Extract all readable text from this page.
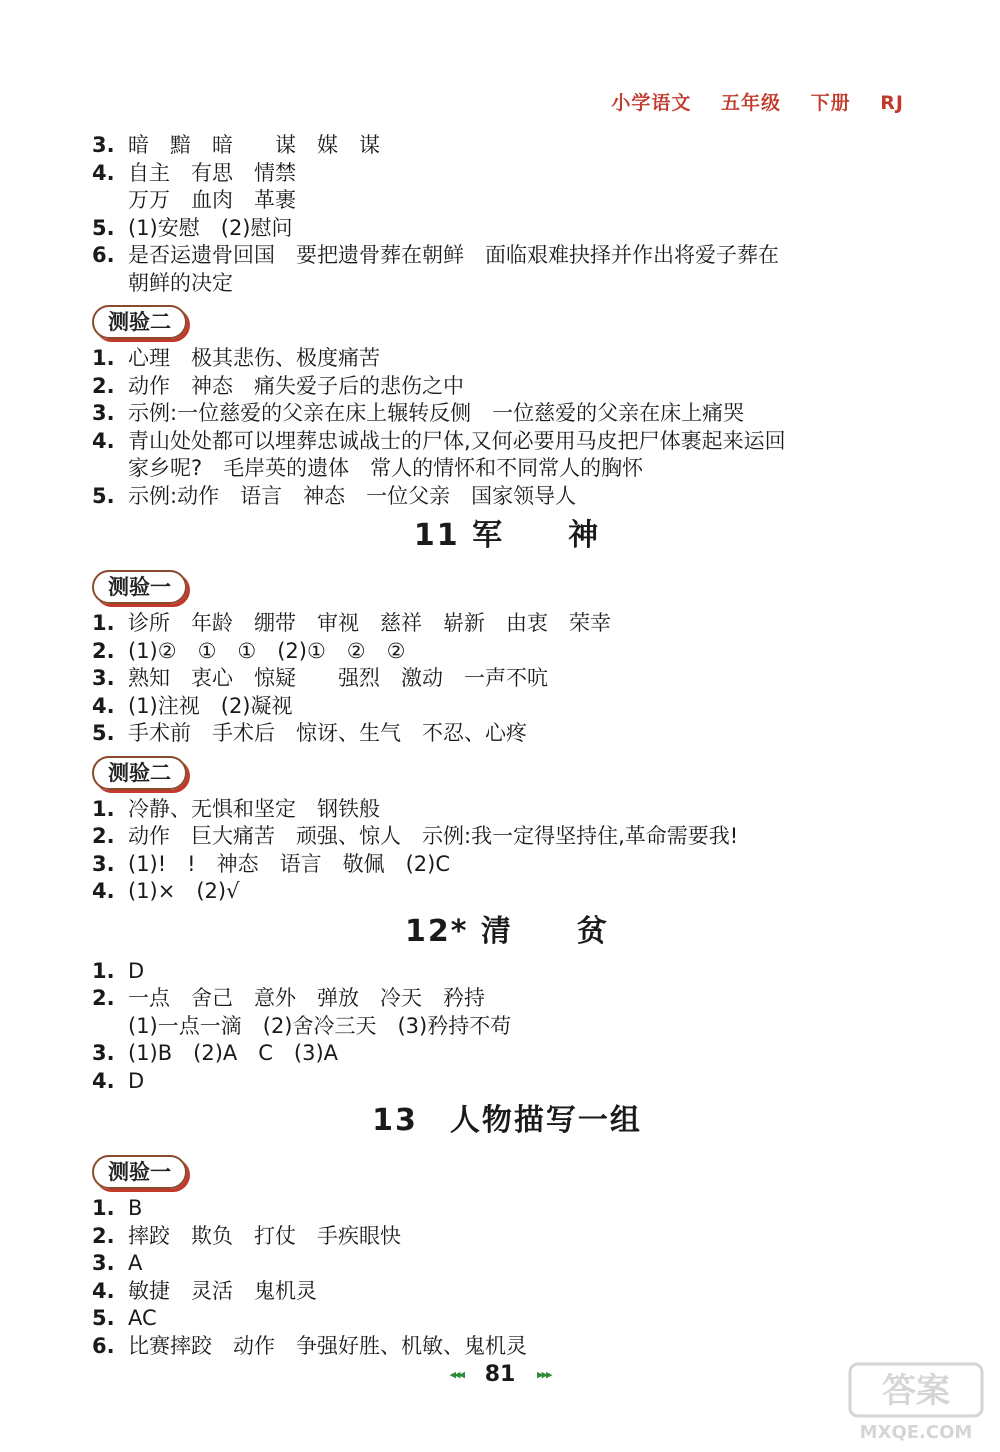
小学语文 五年级 下册 RJ
3. 暗　黯　暗　　谋　媒　谋
4. 自主　有思　情禁
万万　血肉　革裹
5. (1)安慰　(2)慰问
6. 是否运遗骨回国　要把遗骨葬在朝鲜　面临艰难抉择并作出将爱子葬在
朝鲜的决定
测验二
1. 心理　极其悲伤、极度痛苦
2. 动作　神态　痛失爱子后的悲伤之中
3. 示例:一位慈爱的父亲在床上辗转反侧　一位慈爱的父亲在床上痛哭
4. 青山处处都可以埋葬忠诚战士的尸体,又何必要用马皮把尸体裹起来运回
家乡呢?　毛岸英的遗体　常人的情怀和不同常人的胸怀
5. 示例:动作　语言　神态　一位父亲　国家领导人
11 军　　神
测验一
1. 诊所　年龄　绷带　审视　慈祥　崭新　由衷　荣幸
2. (1)②　①　①　(2)①　②　②
3. 熟知　衷心　惊疑　　强烈　激动　一声不吭
4. (1)注视　(2)凝视
5. 手术前　手术后　惊讶、生气　不忍、心疼
测验二
1. 冷静、无惧和坚定　钢铁般
2. 动作　巨大痛苦　顽强、惊人　示例:我一定得坚持住,革命需要我!
3. (1)!　!　神态　语言　敬佩　(2)C
4. (1)×　(2)√
12* 清　　贫
1. D
2. 一点　舍己　意外　弹放　冷天　矜持
(1)一点一滴　(2)舍冷三天　(3)矜持不苟
3. (1)B　(2)A　C　(3)A
4. D
13　人物描写一组
测验一
1. B
2. 摔跤　欺负　打仗　手疾眼快
3. A
4. 敏捷　灵活　鬼机灵
5. AC
6. 比赛摔跤　动作　争强好胜、机敏、鬼机灵
◂◂◂ 81 ▸▸▸	答案
MXQE.COM
